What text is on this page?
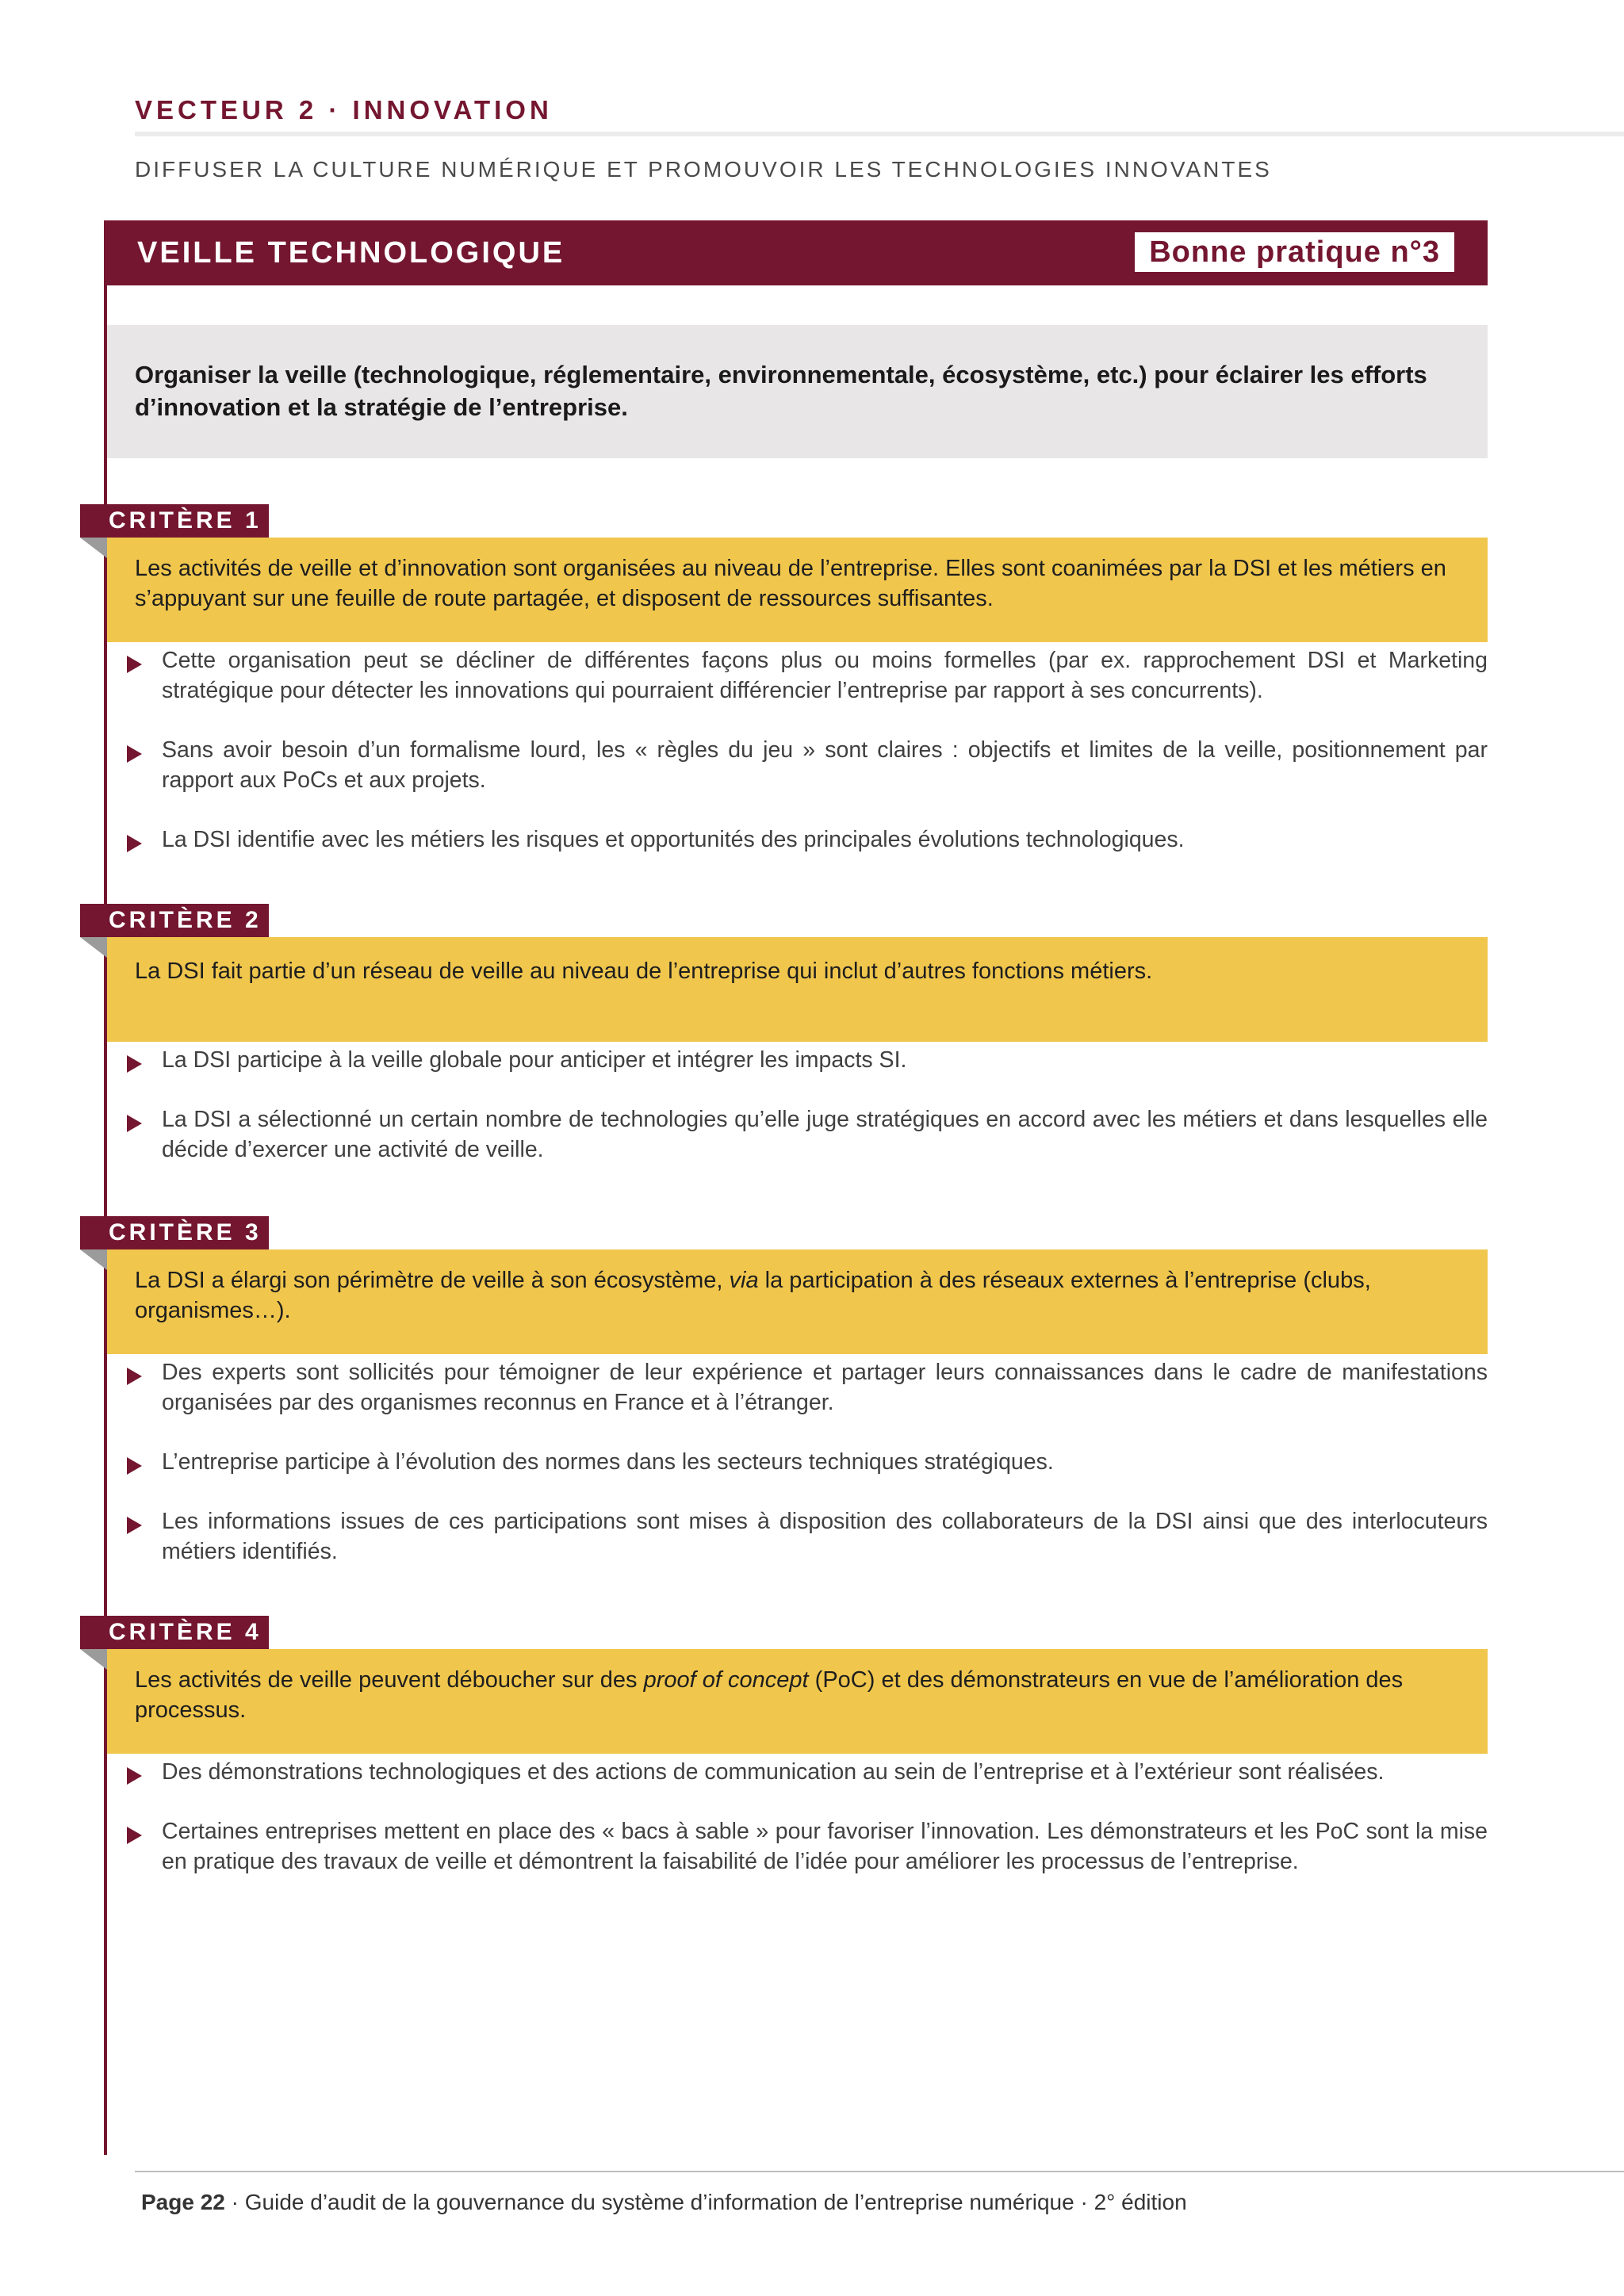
VECTEUR 2 · INNOVATION
DIFFUSER LA CULTURE NUMÉRIQUE ET PROMOUVOIR LES TECHNOLOGIES INNOVANTES
VEILLE TECHNOLOGIQUE	Bonne pratique n°3
Organiser la veille (technologique, réglementaire, environnementale, écosystème, etc.) pour éclairer les efforts d’innovation et la stratégie de l’entreprise.
CRITÈRE 1
Les activités de veille et d’innovation sont organisées au niveau de l’entreprise. Elles sont coanimées par la DSI et les métiers en s’appuyant sur une feuille de route partagée, et disposent de ressources suffisantes.
Cette organisation peut se décliner de différentes façons plus ou moins formelles (par ex. rapprochement DSI et Marketing stratégique pour détecter les innovations qui pourraient différencier l’entreprise par rapport à ses concurrents).
Sans avoir besoin d’un formalisme lourd, les « règles du jeu » sont claires : objectifs et limites de la veille, positionnement par rapport aux PoCs et aux projets.
La DSI identifie avec les métiers les risques et opportunités des principales évolutions technologiques.
CRITÈRE 2
La DSI fait partie d’un réseau de veille au niveau de l’entreprise qui inclut d’autres fonctions métiers.
La DSI participe à la veille globale pour anticiper et intégrer les impacts SI.
La DSI a sélectionné un certain nombre de technologies qu’elle juge stratégiques en accord avec les métiers et dans lesquelles elle décide d’exercer une activité de veille.
CRITÈRE 3
La DSI a élargi son périmètre de veille à son écosystème, via la participation à des réseaux externes à l’entreprise (clubs, organismes…).
Des experts sont sollicités pour témoigner de leur expérience et partager leurs connaissances dans le cadre de manifestations organisées par des organismes reconnus en France et à l’étranger.
L’entreprise participe à l’évolution des normes dans les secteurs techniques stratégiques.
Les informations issues de ces participations sont mises à disposition des collaborateurs de la DSI ainsi que des interlocuteurs métiers identifiés.
CRITÈRE 4
Les activités de veille peuvent déboucher sur des proof of concept (PoC) et des démonstrateurs en vue de l’amélioration des processus.
Des démonstrations technologiques et des actions de communication au sein de l’entreprise et à l’extérieur sont réalisées.
Certaines entreprises mettent en place des « bacs à sable » pour favoriser l’innovation. Les démonstrateurs et les PoC sont la mise en pratique des travaux de veille et démontrent la faisabilité de l’idée pour améliorer les processus de l’entreprise.
Page 22 · Guide d’audit de la gouvernance du système d’information de l’entreprise numérique · 2° édition
